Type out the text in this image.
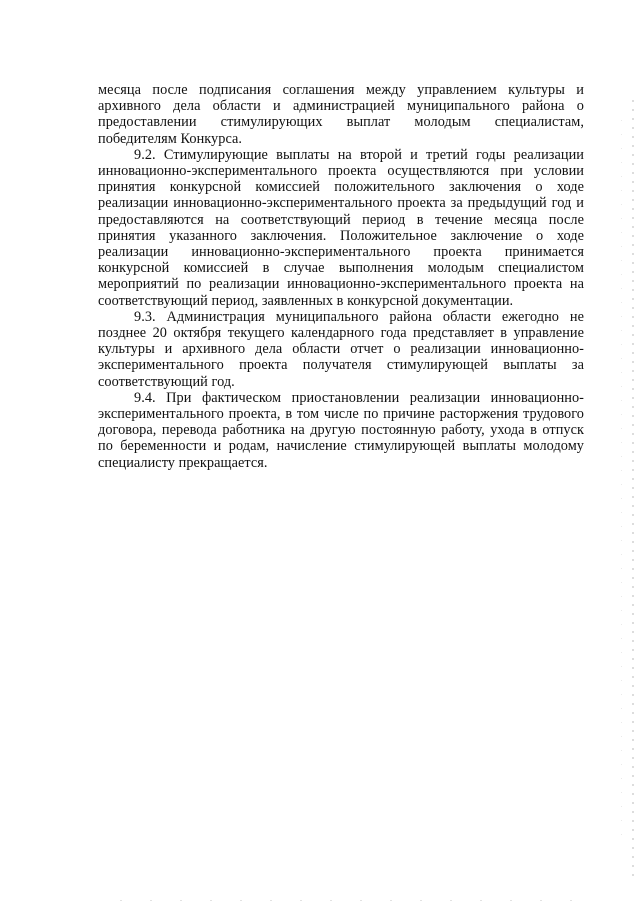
месяца после подписания соглашения между управлением культуры и архивного дела области и администрацией муниципального района о предоставлении стимулирующих выплат молодым специалистам, победителям Конкурса.

9.2. Стимулирующие выплаты на второй и третий годы реализации инновационно-экспериментального проекта осуществляются при условии принятия конкурсной комиссией положительного заключения о ходе реализации инновационно-экспериментального проекта за предыдущий год и предоставляются на соответствующий период в течение месяца после принятия указанного заключения. Положительное заключение о ходе реализации инновационно-экспериментального проекта принимается конкурсной комиссией в случае выполнения молодым специалистом мероприятий по реализации инновационно-экспериментального проекта на соответствующий период, заявленных в конкурсной документации.

9.3. Администрация муниципального района области ежегодно не позднее 20 октября текущего календарного года представляет в управление культуры и архивного дела области отчет о реализации инновационно-экспериментального проекта получателя стимулирующей выплаты за соответствующий год.

9.4. При фактическом приостановлении реализации инновационно-экспериментального проекта, в том числе по причине расторжения трудового договора, перевода работника на другую постоянную работу, ухода в отпуск по беременности и родам, начисление стимулирующей выплаты молодому специалисту прекращается.
